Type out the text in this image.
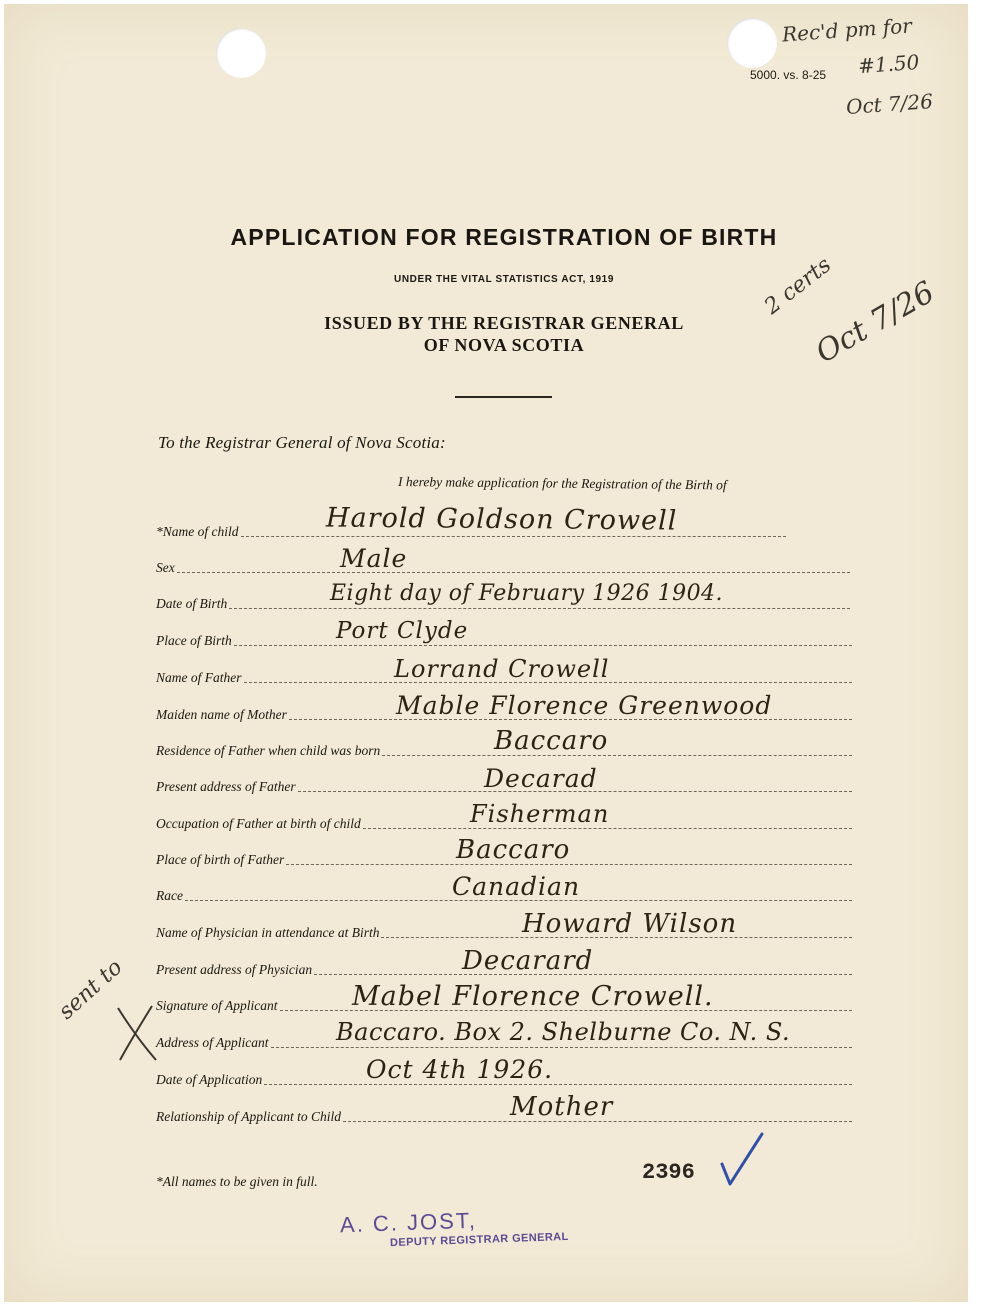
5000. vs. 8-25
Rec'd pm for
#1.50
Oct 7/26
APPLICATION FOR REGISTRATION OF BIRTH
UNDER THE VITAL STATISTICS ACT, 1919
ISSUED BY THE REGISTRAR GENERAL
OF NOVA SCOTIA
2 certs
Oct 7/26
To the Registrar General of Nova Scotia:
I hereby make application for the Registration of the Birth of
*Name of child
Sex
Date of Birth
Place of Birth
Name of Father
Maiden name of Mother
Residence of Father when child was born
Present address of Father
Occupation of Father at birth of child
Place of birth of Father
Race
Name of Physician in attendance at Birth
Present address of Physician
Signature of Applicant
Address of Applicant
Date of Application
Relationship of Applicant to Child
Harold Goldson Crowell
Male
Eight day of February 1926 1904.
Port Clyde
Lorrand Crowell
Mable Florence Greenwood
Baccaro
Decarad
Fisherman
Baccaro
Canadian
Howard Wilson
Decarard
Mabel Florence Crowell.
Baccaro. Box 2. Shelburne Co. N. S.
Oct 4th 1926.
Mother
sent to
*All names to be given in full.	2396
A. C. JOST,
DEPUTY REGISTRAR GENERAL
